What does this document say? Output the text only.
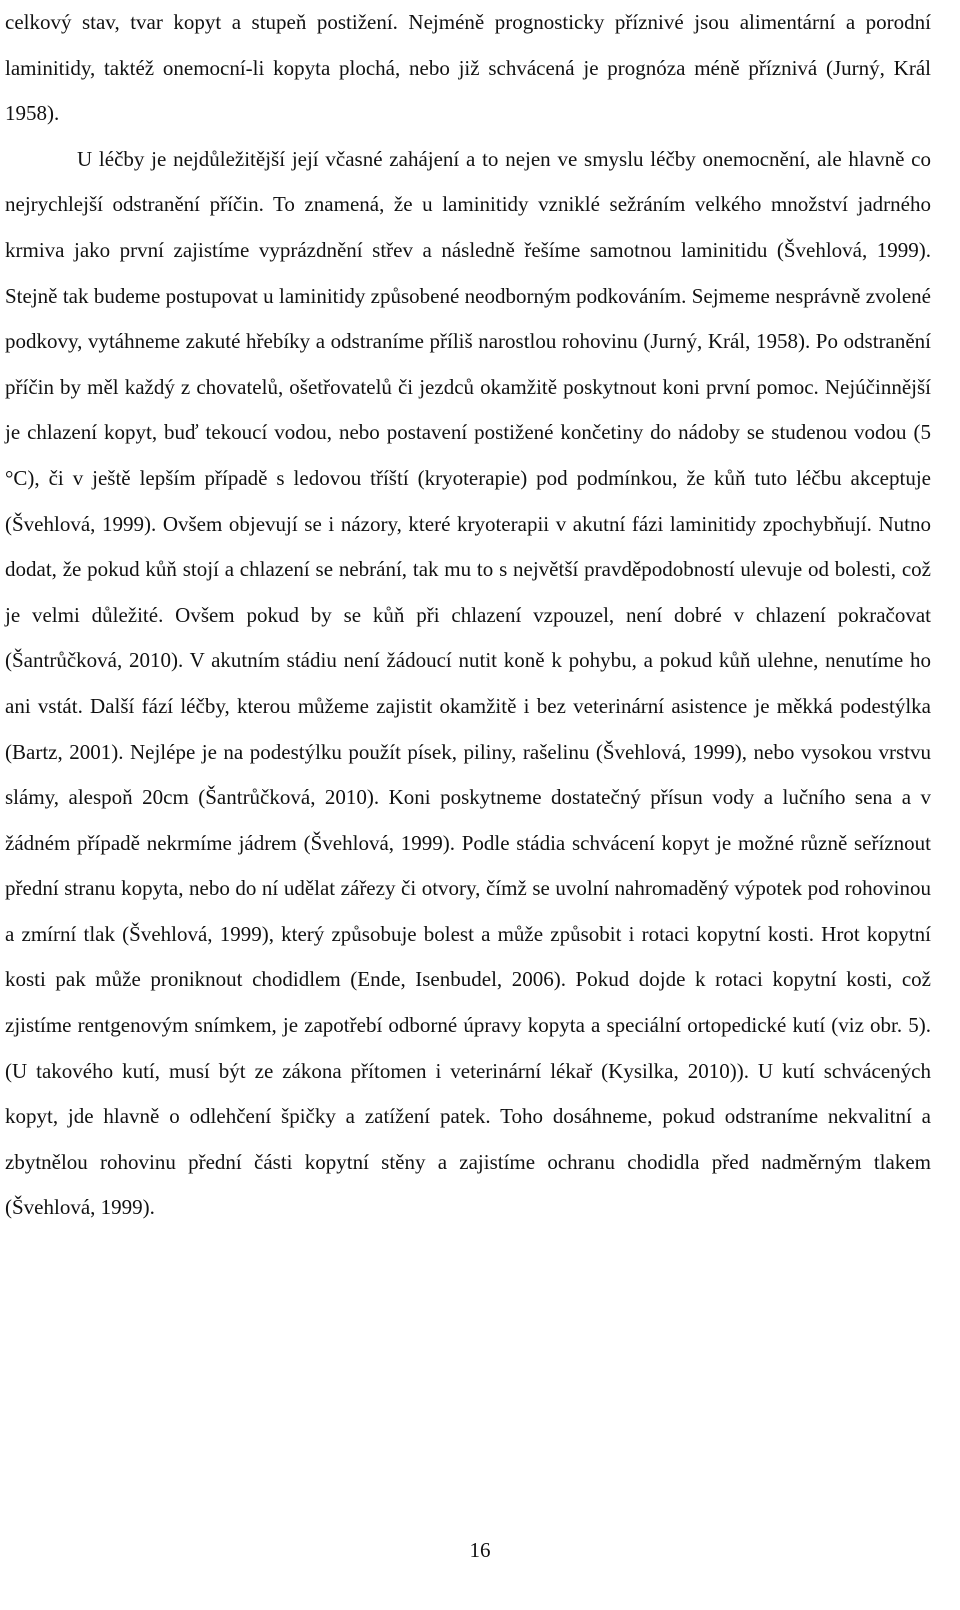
celkový stav, tvar kopyt a stupeň postižení. Nejméně prognosticky příznivé jsou alimentární a porodní laminitidy, taktéž onemocní-li kopyta plochá, nebo již schvácená je prognóza méně příznivá (Jurný, Král 1958).

U léčby je nejdůležitější její včasné zahájení a to nejen ve smyslu léčby onemocnění, ale hlavně co nejrychlejší odstranění příčin. To znamená, že u laminitidy vzniklé sežráním velkého množství jadrného krmiva jako první zajistíme vyprázdnění střev a následně řešíme samotnou laminitidu (Švehlová, 1999). Stejně tak budeme postupovat u laminitidy způsobené neodborným podkováním. Sejmeme nesprávně zvolené podkovy, vytáhneme zakuté hřebíky a odstraníme příliš narostlou rohovinu (Jurný, Král, 1958). Po odstranění příčin by měl každý z chovatelů, ošetřovatelů či jezdců okamžitě poskytnout koni první pomoc. Nejúčinnější je chlazení kopyt, buď tekoucí vodou, nebo postavení postižené končetiny do nádoby se studenou vodou (5 °C), či v ještě lepším případě s ledovou tříští (kryoterapie) pod podmínkou, že kůň tuto léčbu akceptuje (Švehlová, 1999). Ovšem objevují se i názory, které kryoterapii v akutní fázi laminitidy zpochybňují. Nutno dodat, že pokud kůň stojí a chlazení se nebrání, tak mu to s největší pravděpodobností ulevuje od bolesti, což je velmi důležité. Ovšem pokud by se kůň při chlazení vzpouzel, není dobré v chlazení pokračovat (Šantrůčková, 2010). V akutním stádiu není žádoucí nutit koně k pohybu, a pokud kůň ulehne, nenutíme ho ani vstát. Další fází léčby, kterou můžeme zajistit okamžitě i bez veterinární asistence je měkká podestýlka (Bartz, 2001). Nejlépe je na podestýlku použít písek, piliny, rašelinu (Švehlová, 1999), nebo vysokou vrstvu slámy, alespoň 20cm (Šantrůčková, 2010). Koni poskytneme dostatečný přísun vody a lučního sena a v žádném případě nekrmíme jádrem (Švehlová, 1999). Podle stádia schvácení kopyt je možné různě seříznout přední stranu kopyta, nebo do ní udělat zářezy či otvory, čímž se uvolní nahromaděný výpotek pod rohovinou a zmírní tlak (Švehlová, 1999), který způsobuje bolest a může způsobit i rotaci kopytní kosti. Hrot kopytní kosti pak může proniknout chodidlem (Ende, Isenbudel, 2006). Pokud dojde k rotaci kopytní kosti, což zjistíme rentgenovým snímkem, je zapotřebí odborné úpravy kopyta a speciální ortopedické kutí (viz obr. 5). (U takového kutí, musí být ze zákona přítomen i veterinární lékař (Kysilka, 2010)). U kutí schvácených kopyt, jde hlavně o odlehčení špičky a zatížení patek. Toho dosáhneme, pokud odstraníme nekvalitní a zbytnělou rohovinu přední části kopytní stěny a zajistíme ochranu chodidla před nadměrným tlakem (Švehlová, 1999).

16
